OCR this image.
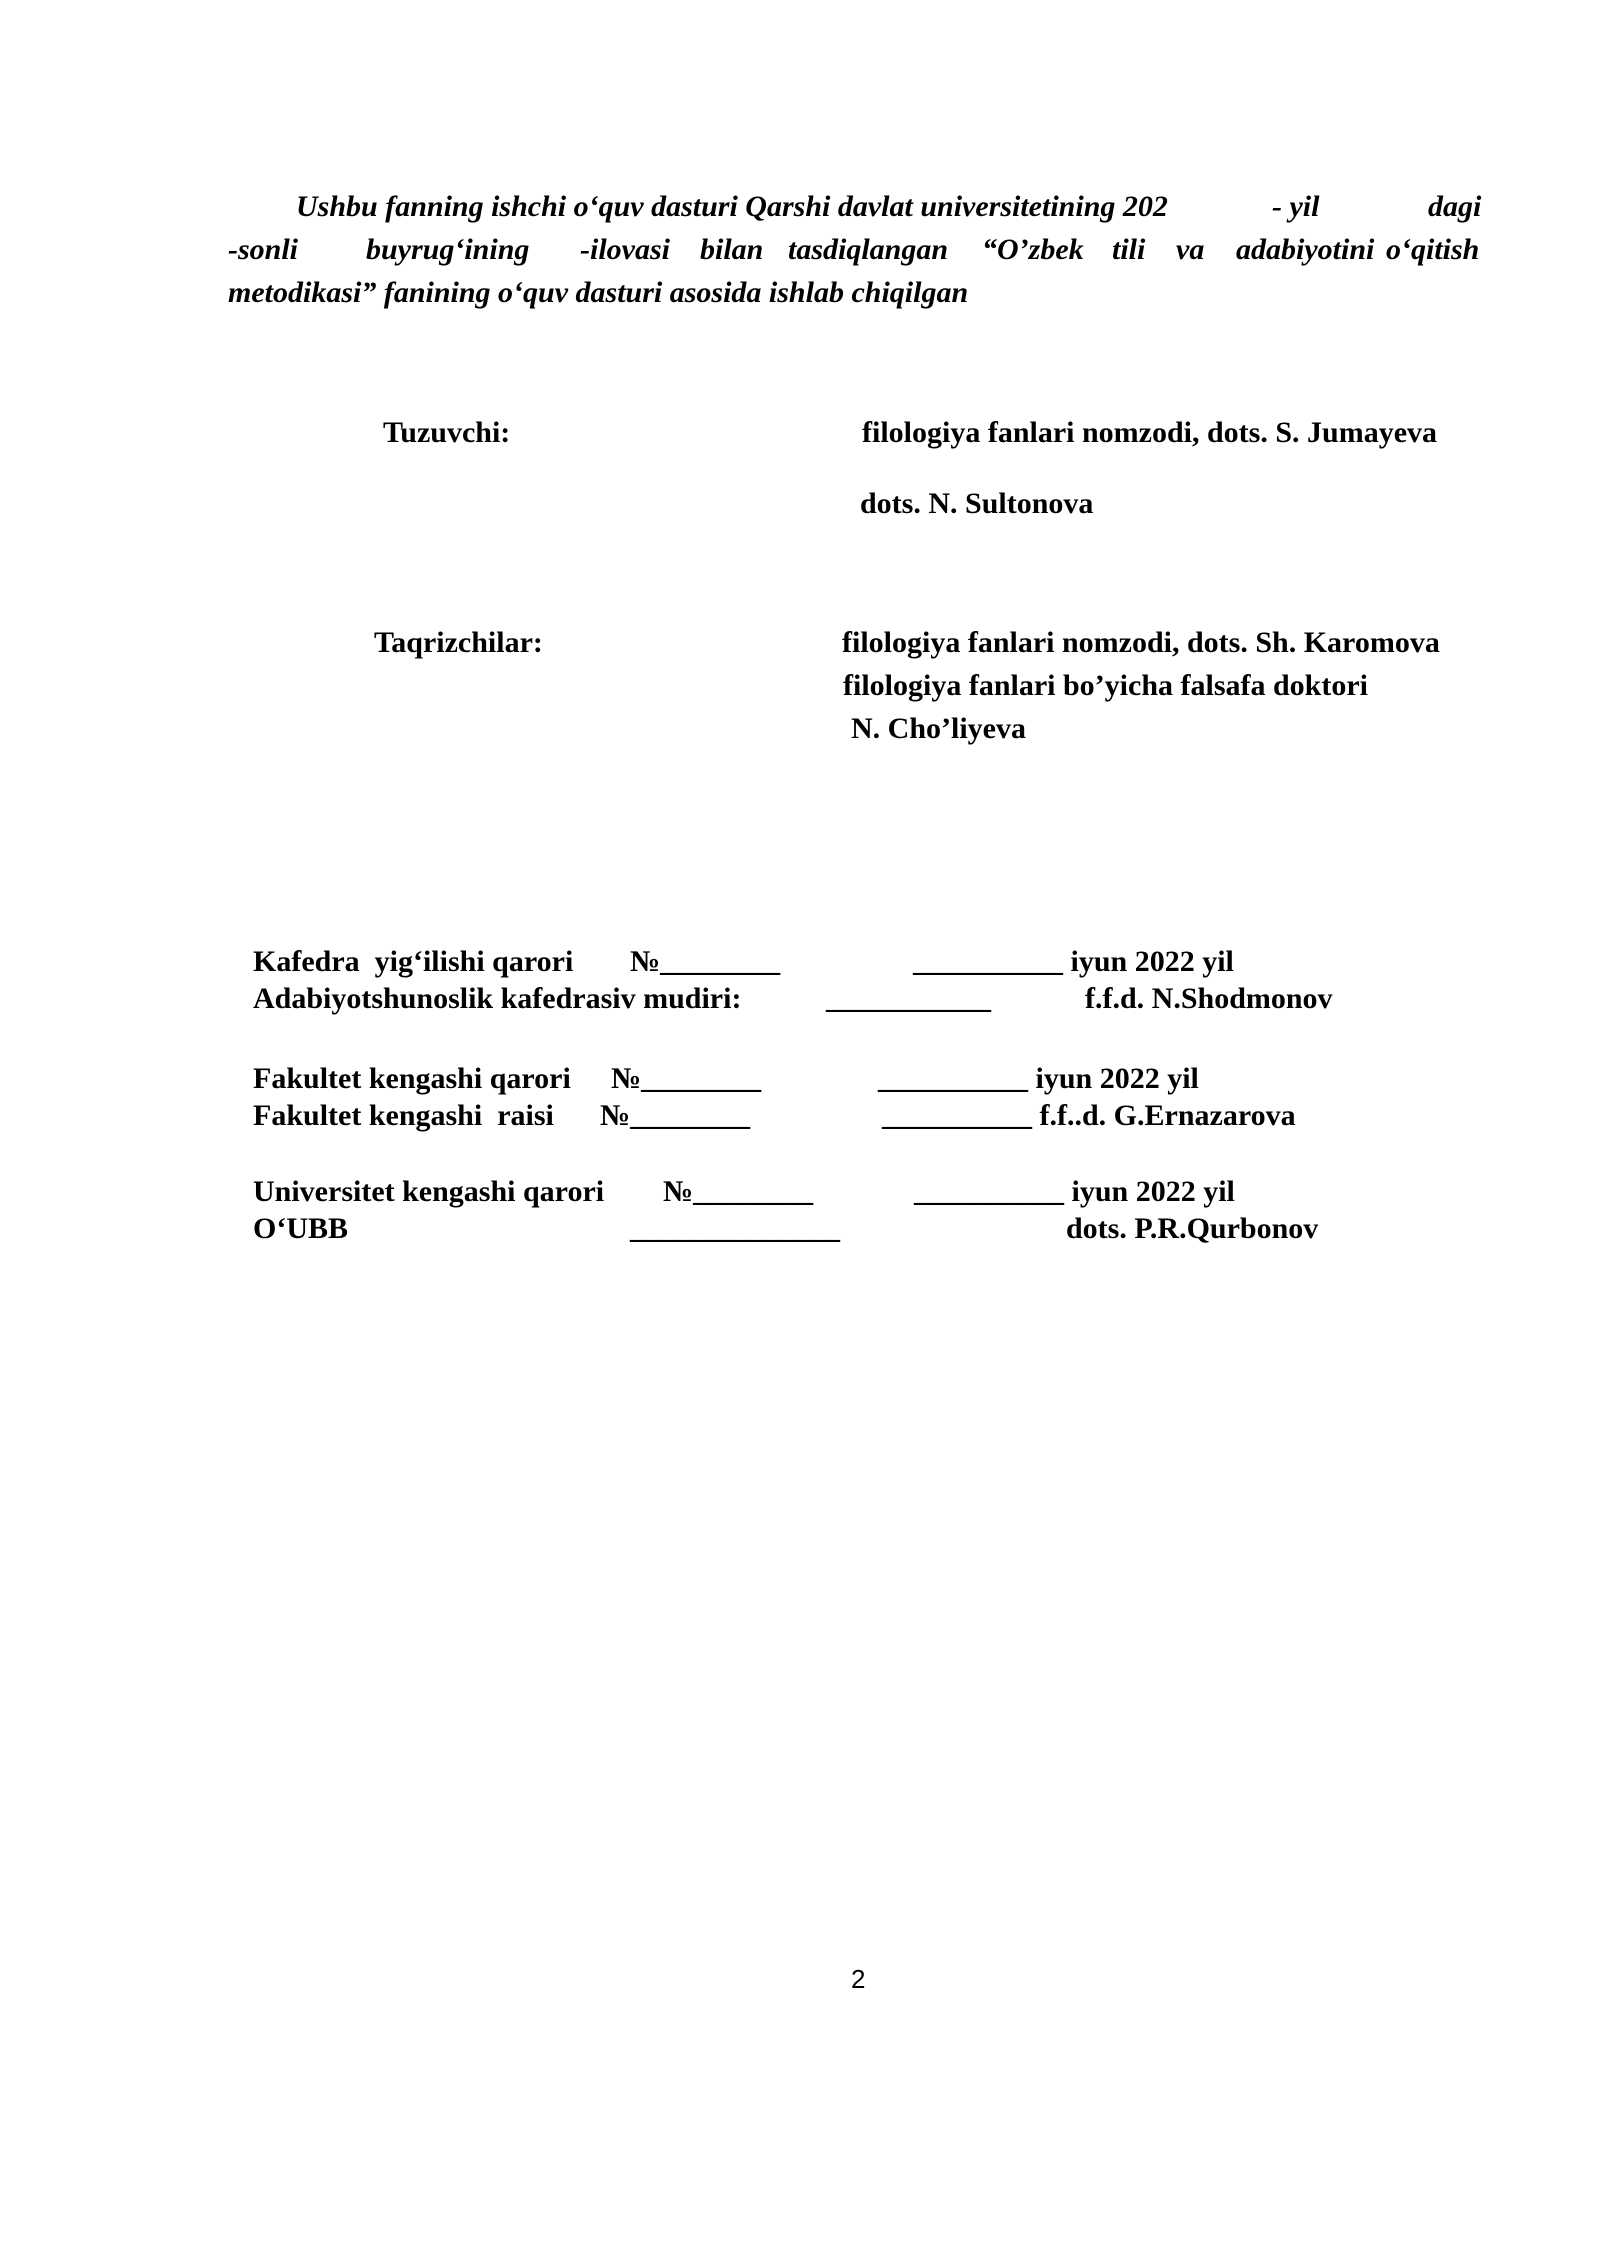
Ushbu fanning ishchi o‘quv dasturi Qarshi davlat universitetining 202	- yil	dagi
-sonli buyrug‘ining -ilovasi bilan tasdiqlangan “O’zbek tili va adabiyotini o‘qitish
metodikasi” fanining o‘quv dasturi asosida ishlab chiqilgan
Tuzuvchi:	filologiya fanlari nomzodi, dots. S. Jumayeva
dots. N. Sultonova
Taqrizchilar:	filologiya fanlari nomzodi, dots. Sh. Karomova
filologiya fanlari bo’yicha falsafa doktori
N. Cho’liyeva
Kafedra  yig‘ilishi qarori №________	__________ iyun 2022 yil
Adabiyotshunoslik kafedrasiv mudiri:	___________	f.f.d. N.Shodmonov
Fakultet kengashi qarori №________	__________ iyun 2022 yil
Fakultet kengashi  raisi №________	__________ f.f..d. G.Ernazarova
Universitet kengashi qarori №________	__________ iyun 2022 yil
O‘UBB	______________	dots. P.R.Qurbonov
2
